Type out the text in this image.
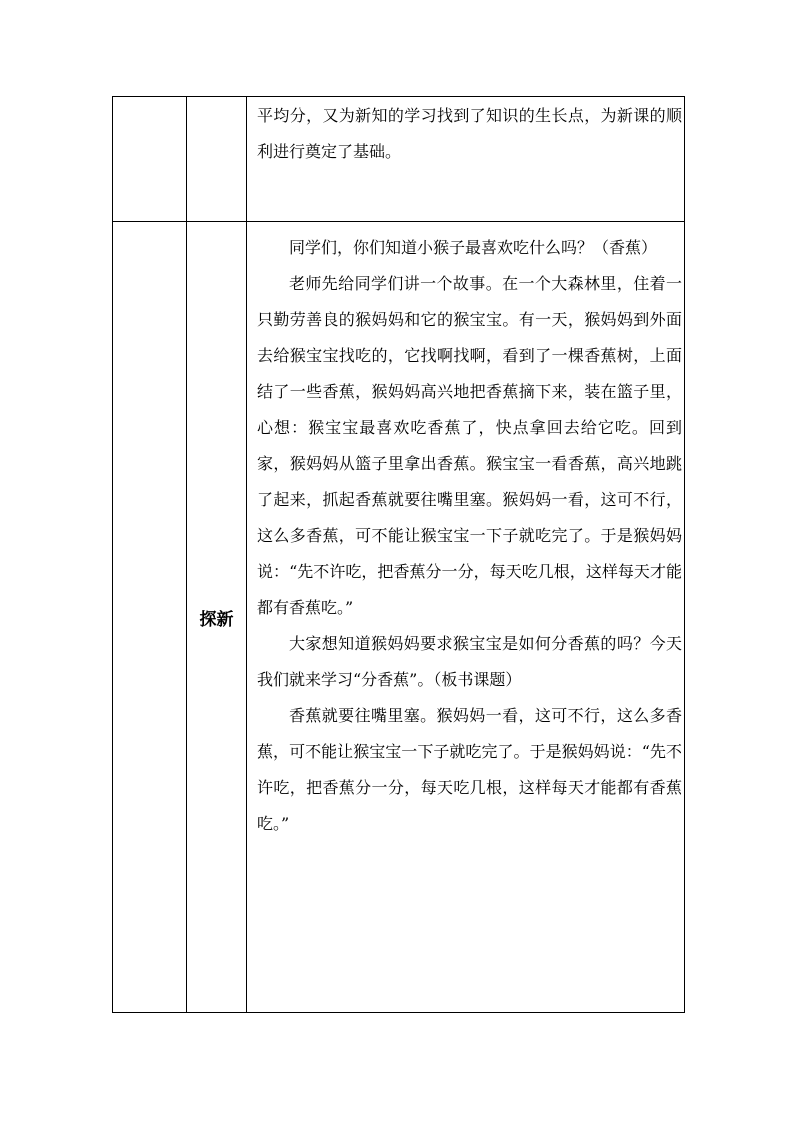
		平均分，又为新知的学习找到了知识的生长点，为新课的顺利进行奠定了基础。

	探新	同学们，你们知道小猴子最喜欢吃什么吗？（香蕉）

老师先给同学们讲一个故事。在一个大森林里，住着一只勤劳善良的猴妈妈和它的猴宝宝。有一天，猴妈妈到外面去给猴宝宝找吃的，它找啊找啊，看到了一棵香蕉树，上面结了一些香蕉，猴妈妈高兴地把香蕉摘下来，装在篮子里，心想：猴宝宝最喜欢吃香蕉了，快点拿回去给它吃。回到家，猴妈妈从篮子里拿出香蕉。猴宝宝一看香蕉，高兴地跳了起来，抓起香蕉就要往嘴里塞。猴妈妈一看，这可不行，这么多香蕉，可不能让猴宝宝一下子就吃完了。于是猴妈妈说：“先不许吃，把香蕉分一分，每天吃几根，这样每天才能都有香蕉吃。”

大家想知道猴妈妈要求猴宝宝是如何分香蕉的吗？今天我们就来学习“分香蕉”。（板书课题）

香蕉就要往嘴里塞。猴妈妈一看，这可不行，这么多香蕉，可不能让猴宝宝一下子就吃完了。于是猴妈妈说：“先不许吃，把香蕉分一分，每天吃几根，这样每天才能都有香蕉吃。”
